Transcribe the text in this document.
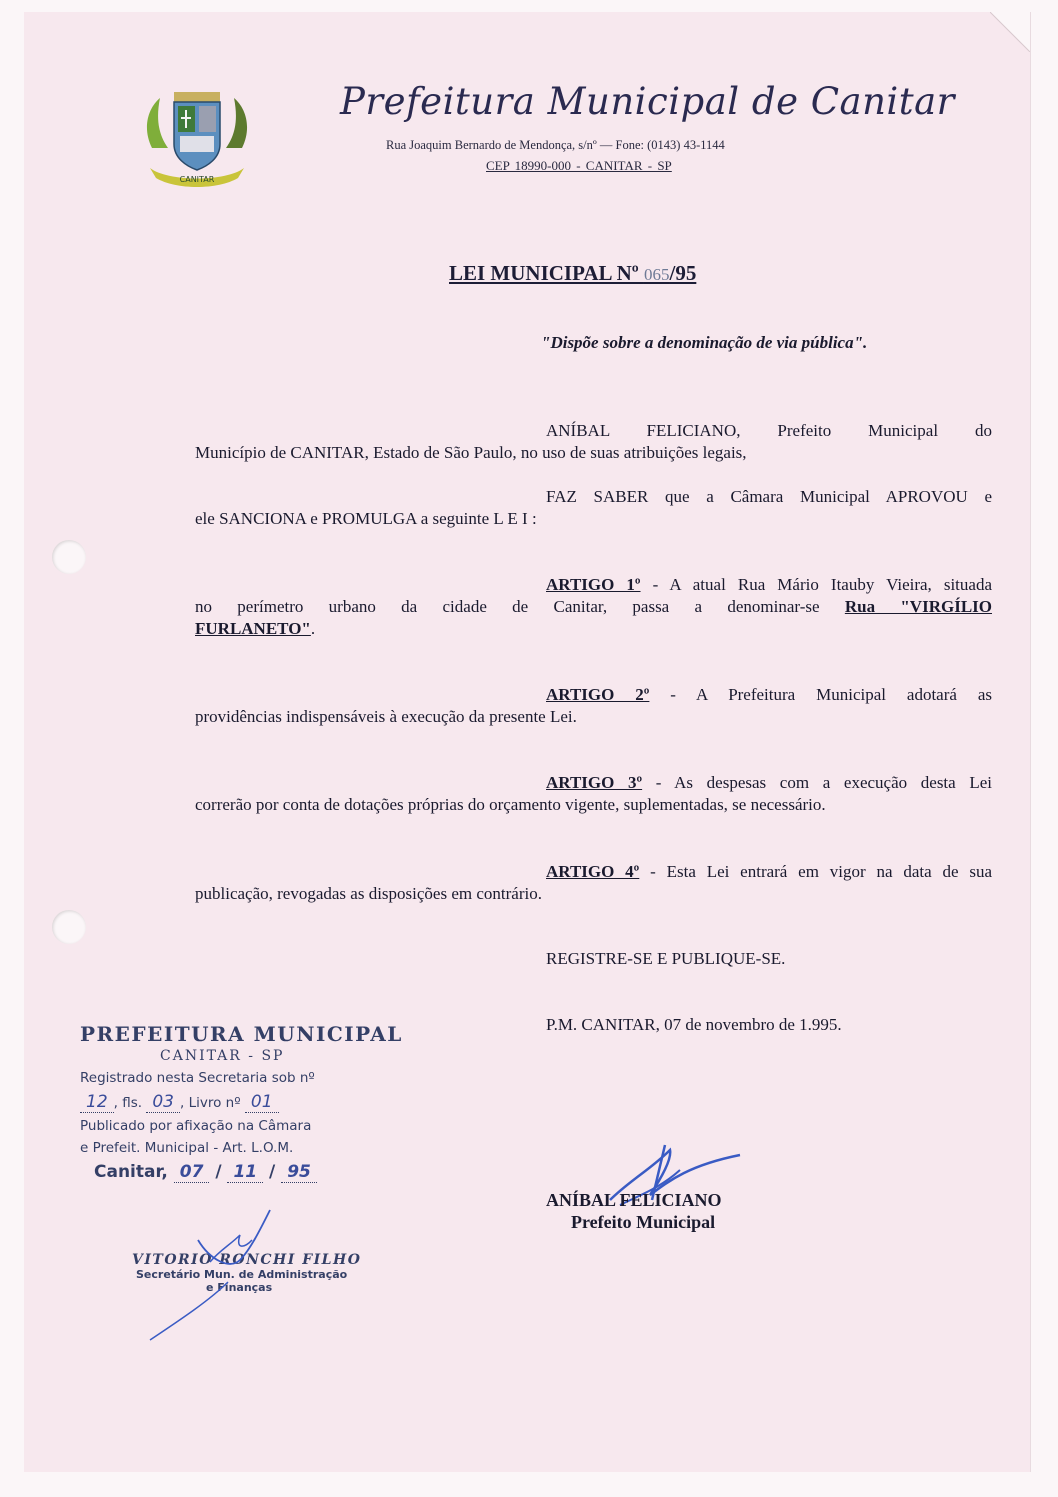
CANITAR
Prefeitura Municipal de Canitar
Rua Joaquim Bernardo de Mendonça, s/nº — Fone: (0143) 43-1144
CEP 18990-000 - CANITAR - SP
LEI MUNICIPAL Nº 065/95
"Dispõe sobre a denominação de via pública".
ANÍBAL FELICIANO, Prefeito Municipal do
Município de CANITAR, Estado de São Paulo, no uso de suas atribuições legais,
FAZ SABER que a Câmara Municipal APROVOU e
ele SANCIONA e PROMULGA a seguinte L E I :
ARTIGO 1º - A atual Rua Mário Itauby Vieira, situada
no perímetro urbano da cidade de Canitar, passa a denominar-se Rua "VIRGÍLIO
FURLANETO".
ARTIGO 2º - A Prefeitura Municipal adotará as
providências indispensáveis à execução da presente Lei.
ARTIGO 3º - As despesas com a execução desta Lei
correrão por conta de dotações próprias do orçamento vigente, suplementadas, se necessário.
ARTIGO 4º - Esta Lei entrará em vigor na data de sua
publicação, revogadas as disposições em contrário.
REGISTRE-SE E PUBLIQUE-SE.
P.M. CANITAR, 07 de novembro de 1.995.
ANÍBAL FELICIANO
Prefeito Municipal
PREFEITURA MUNICIPAL
CANITAR - SP
Registrado nesta Secretaria sob nº
12 , fls. 03 , Livro nº 01
Publicado por afixação na Câmara
e Prefeit. Municipal - Art. L.O.M.
Canitar, 07 / 11 / 95
VITORIO RONCHI FILHO
Secretário Mun. de Administração
e Finanças
